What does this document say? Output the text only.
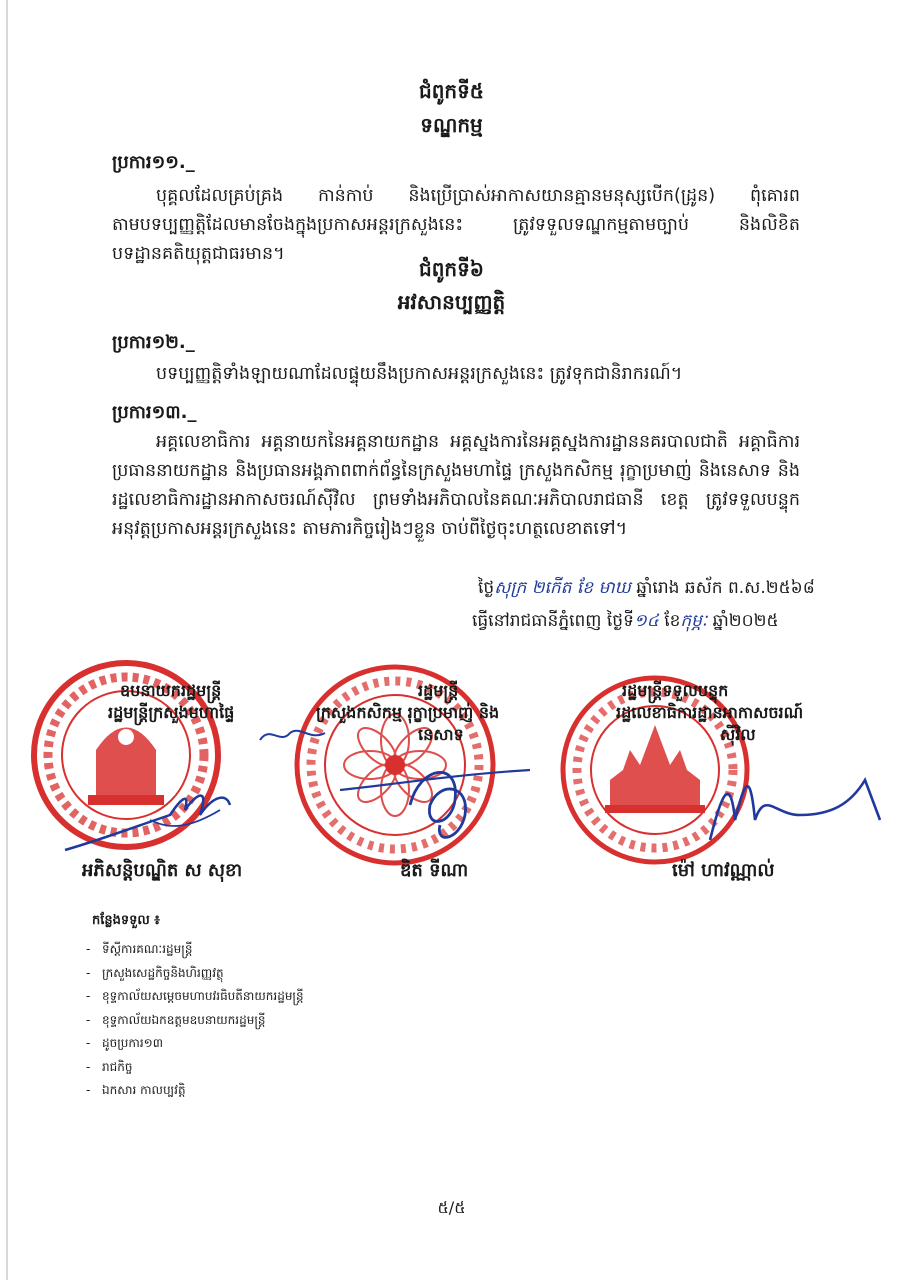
ជំពូកទី៥
ទណ្ឌកម្ម
ប្រការ១១._
បុគ្គលដែលគ្រប់គ្រង កាន់កាប់ និងប្រើប្រាស់អាកាសយានគ្មានមនុស្សបើក(ដ្រូន) ពុំគោរពតាមបទប្បញ្ញត្តិដែលមានចែងក្នុងប្រកាសអន្តរក្រសួងនេះ ត្រូវទទួលទណ្ឌកម្មតាមច្បាប់ និងលិខិតបទដ្ឋានគតិយុត្តជាធរមាន។
ជំពូកទី៦
អវសានប្បញ្ញត្តិ
ប្រការ១២._
បទប្បញ្ញត្តិទាំងឡាយណាដែលផ្ទុយនឹងប្រកាសអន្តរក្រសួងនេះ ត្រូវទុកជានិរាករណ៍។
ប្រការ១៣._
អគ្គលេខាធិការ អគ្គនាយកនៃអគ្គនាយកដ្ឋាន អគ្គស្នងការនៃអគ្គស្នងការដ្ឋាននគរបាលជាតិ អគ្គាធិការ ប្រធាននាយកដ្ឋាន និងប្រធានអង្គភាពពាក់ព័ន្ធនៃក្រសួងមហាផ្ទៃ ក្រសួងកសិកម្ម រុក្ខាប្រមាញ់ និងនេសាទ និងរដ្ឋលេខាធិការដ្ឋានអាកាសចរណ៍ស៊ីវិល ព្រមទាំងអភិបាលនៃគណៈអភិបាលរាជធានី ខេត្ត ត្រូវទទួលបន្ទុកអនុវត្តប្រកាសអន្តរក្រសួងនេះ តាមភារកិច្ចរៀងៗខ្លួន ចាប់ពីថ្ងៃចុះហត្ថលេខាតទៅ។
ថ្ងៃសុក្រ ២កើត ខែ មាឃ ឆ្នាំរោង ឆស័ក ព.ស.២៥៦៨
ធ្វើនៅរាជធានីភ្នំពេញ ថ្ងៃទី១៤ ខែកុម្ភៈ ឆ្នាំ២០២៥
ឧបនាយករដ្ឋមន្ត្រី
រដ្ឋមន្ត្រីក្រសួងមហាផ្ទៃ
រដ្ឋមន្ត្រី
ក្រសួងកសិកម្ម រុក្ខាប្រមាញ់ និង
នេសាទ
រដ្ឋមន្ត្រីទទួលបន្ទុក
រដ្ឋលេខាធិការដ្ឋានអាកាសចរណ៍
ស៊ីវិល
អភិសន្តិបណ្ឌិត ស សុខា	ឌិត ទីណា	ម៉ៅ ហាវណ្ណាល់
កន្លែងទទួល ៖
- ទីស្តីការគណៈរដ្ឋមន្ត្រី
- ក្រសួងសេដ្ឋកិច្ចនិងហិរញ្ញវត្ថុ
- ខុទ្ទកាល័យសម្តេចមហាបវរធិបតីនាយករដ្ឋមន្ត្រី
- ខុទ្ទកាល័យឯកឧត្តមឧបនាយករដ្ឋមន្ត្រី
- ដូចប្រការ១៣
- រាជកិច្ច
- ឯកសារ កាលប្បវត្តិ
៥/៥
